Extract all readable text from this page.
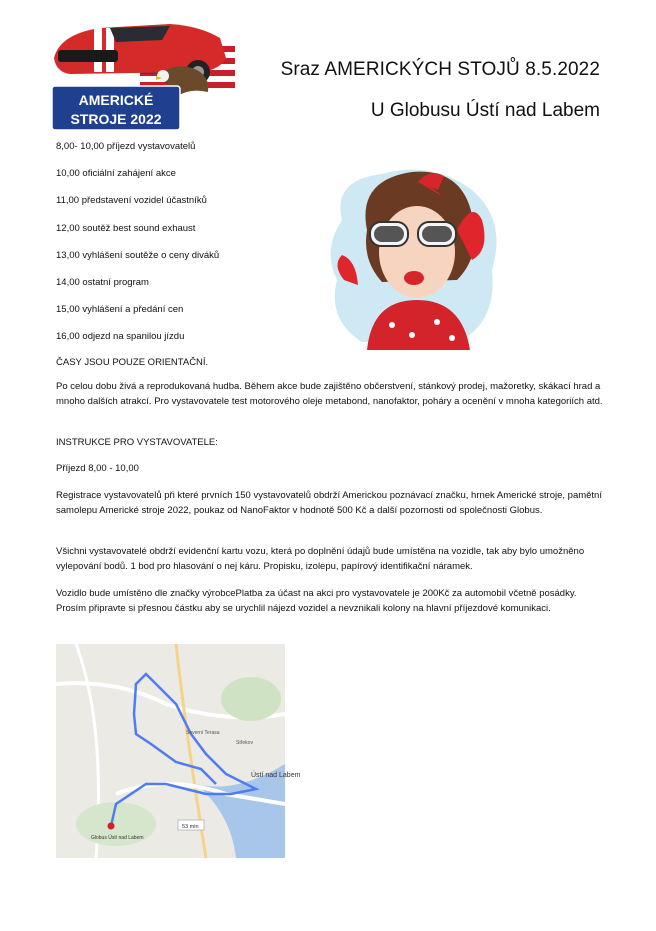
AMERICKÉ
STROJE 2022
Sraz AMERICKÝCH STOJŮ 8.5.2022
U Globusu Ústí nad Labem
8,00- 10,00 příjezd vystavovatelů
10,00 oficiální zahájení akce
11,00 představení vozidel účastníků
12,00 soutěž best sound exhaust
13,00 vyhlášení soutěže o ceny diváků
14,00 ostatní program
15,00 vyhlášení a předání cen
16,00 odjezd na spanilou jízdu

ČASY JSOU POUZE ORIENTAČNÍ.

Po celou dobu živá a reprodukovaná hudba. Během akce bude zajištěno občerstvení, stánkový prodej, mažoretky, skákací hrad a mnoho dalších atrakcí. Pro vystavovatele test motorového oleje metabond, nanofaktor, poháry a ocenění v mnoha kategoriích atd.

INSTRUKCE PRO VYSTAVOVATELE:

Příjezd 8,00 - 10,00

Registrace vystavovatelů při které prvních 150 vystavovatelů obdrží Americkou poznávací značku, hrnek Americké stroje, pamětní samolepu Americké stroje 2022, poukaz od NanoFaktor v hodnotě 500 Kč a další pozornosti od společnosti Globus.

Všichni vystavovatelé obdrží evidenční kartu vozu, která po doplnění údajů bude umístěna na vozidle, tak aby bylo umožněno vylepování bodů. 1 bod pro hlasování o nej káru. Propisku, izolepu, papírový identifikační náramek.

Vozidlo bude umístěno dle značky výrobcePlatba za účast na akci pro vystavovatele je 200Kč za automobil včetně posádky. Prosím připravte si přesnou částku aby se urychlil nájezd vozidel a nevznikali kolony na hlavní příjezdové komunikaci.

Ústí nad Labem
Globus Ústí nad Labem
53 min
Severní Terasa
Střekov
